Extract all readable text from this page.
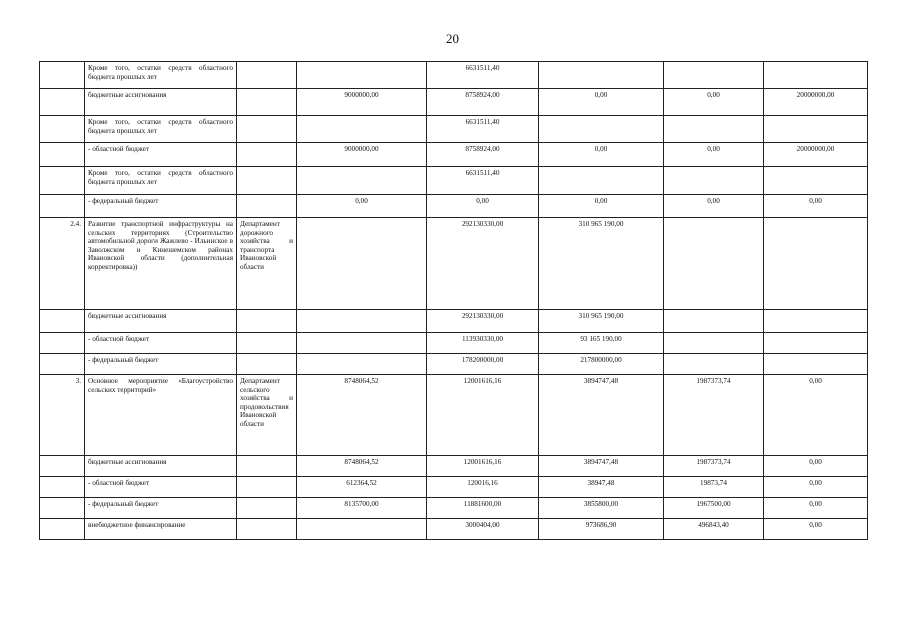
20
	Кроме того, остатки средств областного бюджета прошлых лет			6631511,40			
	бюджетные ассигнования		9000000,00	8758924,00	0,00	0,00	20000000,00
	Кроме того, остатки средств областного бюджета прошлых лет			6631511,40			
	- областной бюджет		9000000,00	8758924,00	0,00	0,00	20000000,00
	Кроме того, остатки средств областного бюджета прошлых лет			6631511,40			
	- федеральный бюджет		0,00	0,00	0,00	0,00	0,00
2.4.	Развитие транспортной инфраструктуры на сельских территориях (Строительство автомобильной дороги Жажлево - Ильинское в Заволжском и Кинешемском районах Ивановской области (дополнительная корректировка))	Департамент дорожного хозяйства и транспорта Ивановской области		292130330,00	310 965 190,00		
	бюджетные ассигнования			292130330,00	310 965 190,00		
	- областной бюджет			113930330,00	93 165 190,00		
	- федеральный бюджет			178200000,00	217800000,00		
3.	Основное мероприятие «Благоустройство сельских территорий»	Департамент сельского хозяйства и продовольствия Ивановской области	8748064,52	12001616,16	3894747,48	1987373,74	0,00
	бюджетные ассигнования		8748064,52	12001616,16	3894747,48	1987373,74	0,00
	- областной бюджет		612364,52	120016,16	38947,48	19873,74	0,00
	- федеральный бюджет		8135700,00	11881600,00	3855800,00	1967500,00	0,00
	внебюджетное финансирование			3000404,00	973686,90	496843,40	0,00
